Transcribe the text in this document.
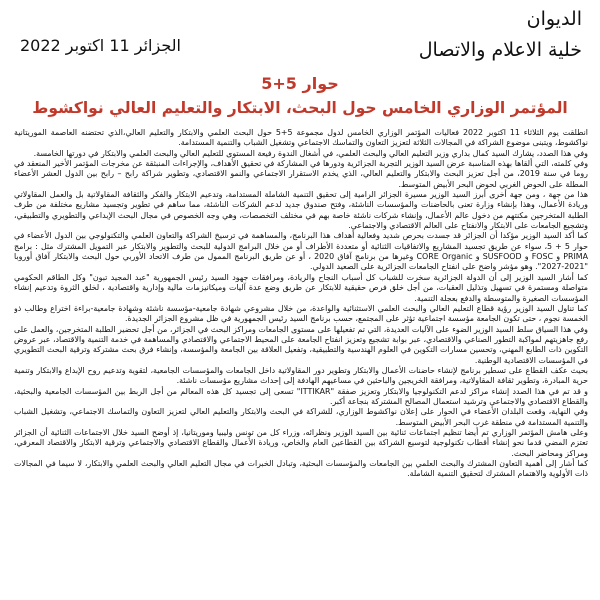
الديوان
خلية الاعلام والاتصال
الجزائر 11 اكتوبر 2022
حوار 5+5
المؤتمر الوزاري الخامس حول البحث، الابتكار والتعليم العالي نواكشوط

انطلقت يوم الثلاثاء 11 اكتوبر 2022 فعاليات المؤتمر الوزاري الخامس لدول مجموعة 5+5 حول البحث العلمي والابتكار والتعليم العالي،الذي تحتضنه العاصمة الموريتانية نواكشوط، ويتبنى موضوع الشراكة في المجالات الثلاثة لتعزيز التعاون والتماسك الاجتماعي وتشغيل الشباب والتنمية المستدامة.

وفي هذا الصدد، يشارك السيد كمال بداري وزير التعليم العالي والبحث العلمي، في أشغال الندوة رفيعة المستوى للتعليم العالي والبحث العلمي والابتكار في دورتها الخامسة.

وفي كلمته، التي ألقاها بهذه المناسبة عرض السيد الوزير التجربة الجزائرية ودورها في المشاركة في تحقيق الأهداف، والإجراءات المنبثقة عن مخرجات المؤتمر الأخير المنعقد في روما في سنة 2019، من أجل تعزيز البحث والابتكار والتعليم العالي، الذي يخدم الاستقرار الاجتماعي والنمو الاقتصادي، وتطوير شراكة رابح – رابح بين الدول العشر الأعضاء المطلة على الحوض الغربي لحوض البحر الأبيض المتوسط.

هذا من جهة ، ومن جهة أخرى أبرز السيد الوزير مسيرة الجزائر الرامية إلى تحقيق التنمية الشاملة المستدامة، وتدعيم الابتكار والفكر والثقافة المقاولاتية بل والعمل المقاولاتي وريادة الأعمال، وهذا بإنشاء وزارة تعنى بالحاضنات والمؤسسات الناشئة، وفتح صندوق جديد لدعم الشركات الناشئة، مما ساهم في تطوير وتجسيد مشاريع مختلفة من طرف الطلبة المتخرجين مكنتهم من دخول عالم الأعمال، وإنشاء شركات ناشئة خاصة بهم في مختلف التخصصات، وهي وجه الخصوص في مجال البحث الإبداعي والتطويري والتطبيقي، وتشجيع الجامعات على الابتكار والانفتاح على العالم الاقتصادي والاجتماعي.

كما أكد السيد الوزير مؤكدا أن الجزائر قد جسدت بحرص شديد وفعالية أهداف هذا البرنامج، والمساهمة في ترسيخ الشراكة والتعاون العلمي والتكنولوجي بين الدول الأعضاء في حوار 5 + 5، سواء عن طريق تجسيد المشاريع والاتفاقيات الثنائية أو متعددة الأطراف أو من خلال البرامج الدولية للبحث والتطوير والابتكار عبر التمويل المشترك مثل : برامج PRIMA و FOSC و SUSFOOD و CORE Organic وغيرها من برنامج آفاق 2020 ، أو عن طريق البرنامج الممول من طرف الاتحاد الأوربي حول البحث والابتكار آفاق أوروبا "2021-2027". وهو مؤشر واضح على انفتاح الجامعات الجزائرية على الصعيد الدولي.

كما أشار السيد الوزير إلى أن الدولة الجزائرية سخرت للشباب كل أسباب النجاح والريادة، ومرافقات جهود السيد رئيس الجمهورية "عبد المجيد تبون" وكل الطاقم الحكومي متواصلة ومستمرة في تسهيل وتذليل العقبات، من أجل خلق فرص حقيقية للابتكار عن طريق وضع عدة آليات وميكانيزمات مالية وإدارية واقتصادية ، لخلق الثروة وتدعيم إنشاء المؤسسات الصغيرة والمتوسطة والدفع بعجلة التنمية.

كما تناول السيد الوزير رؤية قطاع التعليم العالي والبحث العلمي الاستثنائية والواعدة، من خلال مشروعي شهادة جامعية-مؤسسة ناشئة وشهادة جامعية-براءة اختراع وطالب ذو الخمسة نجوم ، حتى تكون الجامعة مؤسسة اجتماعية تؤثر على المجتمع، حسب برنامج السيد رئيس الجمهورية في ظل مشروع الجزائر الجديدة.

وفي هذا السياق سلط السيد الوزير الضوء على الآليات العديدة، التي تم تفعيلها على مستوى الجامعات ومراكز البحث في الجزائر، من أجل تحضير الطلبة المتخرجين، والعمل على رفع جاهزيتهم لمواكبة التطور الصناعي والاقتصادي، عبر بوابة تشجيع وتعزيز انفتاح الجامعة على المحيط الاجتماعي والاقتصادي والمساهمة في خدمة التنمية والاقتصاد، عبر عروض التكوين ذات الطابع المهني، وتحسين مسارات التكوين في العلوم الهندسية والتطبيقية، وتفعيل العلاقة بين الجامعة والمؤسسة، وإنشاء فرق بحث مشتركة وترقية البحث التطويري في المؤسسات الاقتصادية الوطنية.

بحيث عكف القطاع على تسطير برنامج لإنشاء حاضنات الأعمال والابتكار وتطوير دور المقاولاتية داخل الجامعات والمؤسسات الجامعية، لتقوية وتدعيم روح الإبداع والابتكار وتنمية حرية المبادرة، وتطوير ثقافة المقاولاتية، ومرافقة الخريجين والباحثين في مساعيهم الهادفة إلى إحداث مشاريع مؤسسات ناشئة.

و قد تم في هذا الصدد إنشاء مراكز لدعم التكنولوجيا والابتكار وتعزيز صفقة "ITTIKAR" تسعى إلى تجسيد كل هذه المعالم من أجل الربط بين المؤسسات الجامعية والبحثية، والقطاع الاقتصادي والاجتماعي وترشيد استعمال المصالح المشتركة بنجاعة أكبر.

وفي النهاية، وقعت البلدان الأعضاء في الحوار على إعلان نواكشوط الوزاري، للشراكة في البحث والابتكار والتعليم العالي لتعزيز التعاون والتماسك الاجتماعي، وتشغيل الشباب والتنمية المستدامة في منطقة غرب البحر الأبيض المتوسط.

وعلى هامش المؤتمر الوزاري تم أيضا تنظيم اجتماعات ثنائية بين السيد الوزير ونظرائه، وزراء كل من تونس وليبيا وموريتانيا، إذ أوضح السيد خلال الاجتماعات الثنائية أن الجزائر تعتزم المضي قدما نحو إنشاء أقطاب تكنولوجية لتوسيع الشراكة بين القطاعين العام والخاص، وريادة الأعمال والقطاع الاقتصادي والاجتماعي وترقية الابتكار والاقتصاد المعرفي، ومراكز ومحاضر البحث.

كما أشار إلى أهمية التعاون المشترك والبحث العلمي بين الجامعات والمؤسسات البحثية، وتبادل الخبرات في مجال التعليم العالي والبحث العلمي والابتكار، لا سيما في المجالات ذات الأولوية والاهتمام المشترك لتحقيق التنمية الشاملة.
